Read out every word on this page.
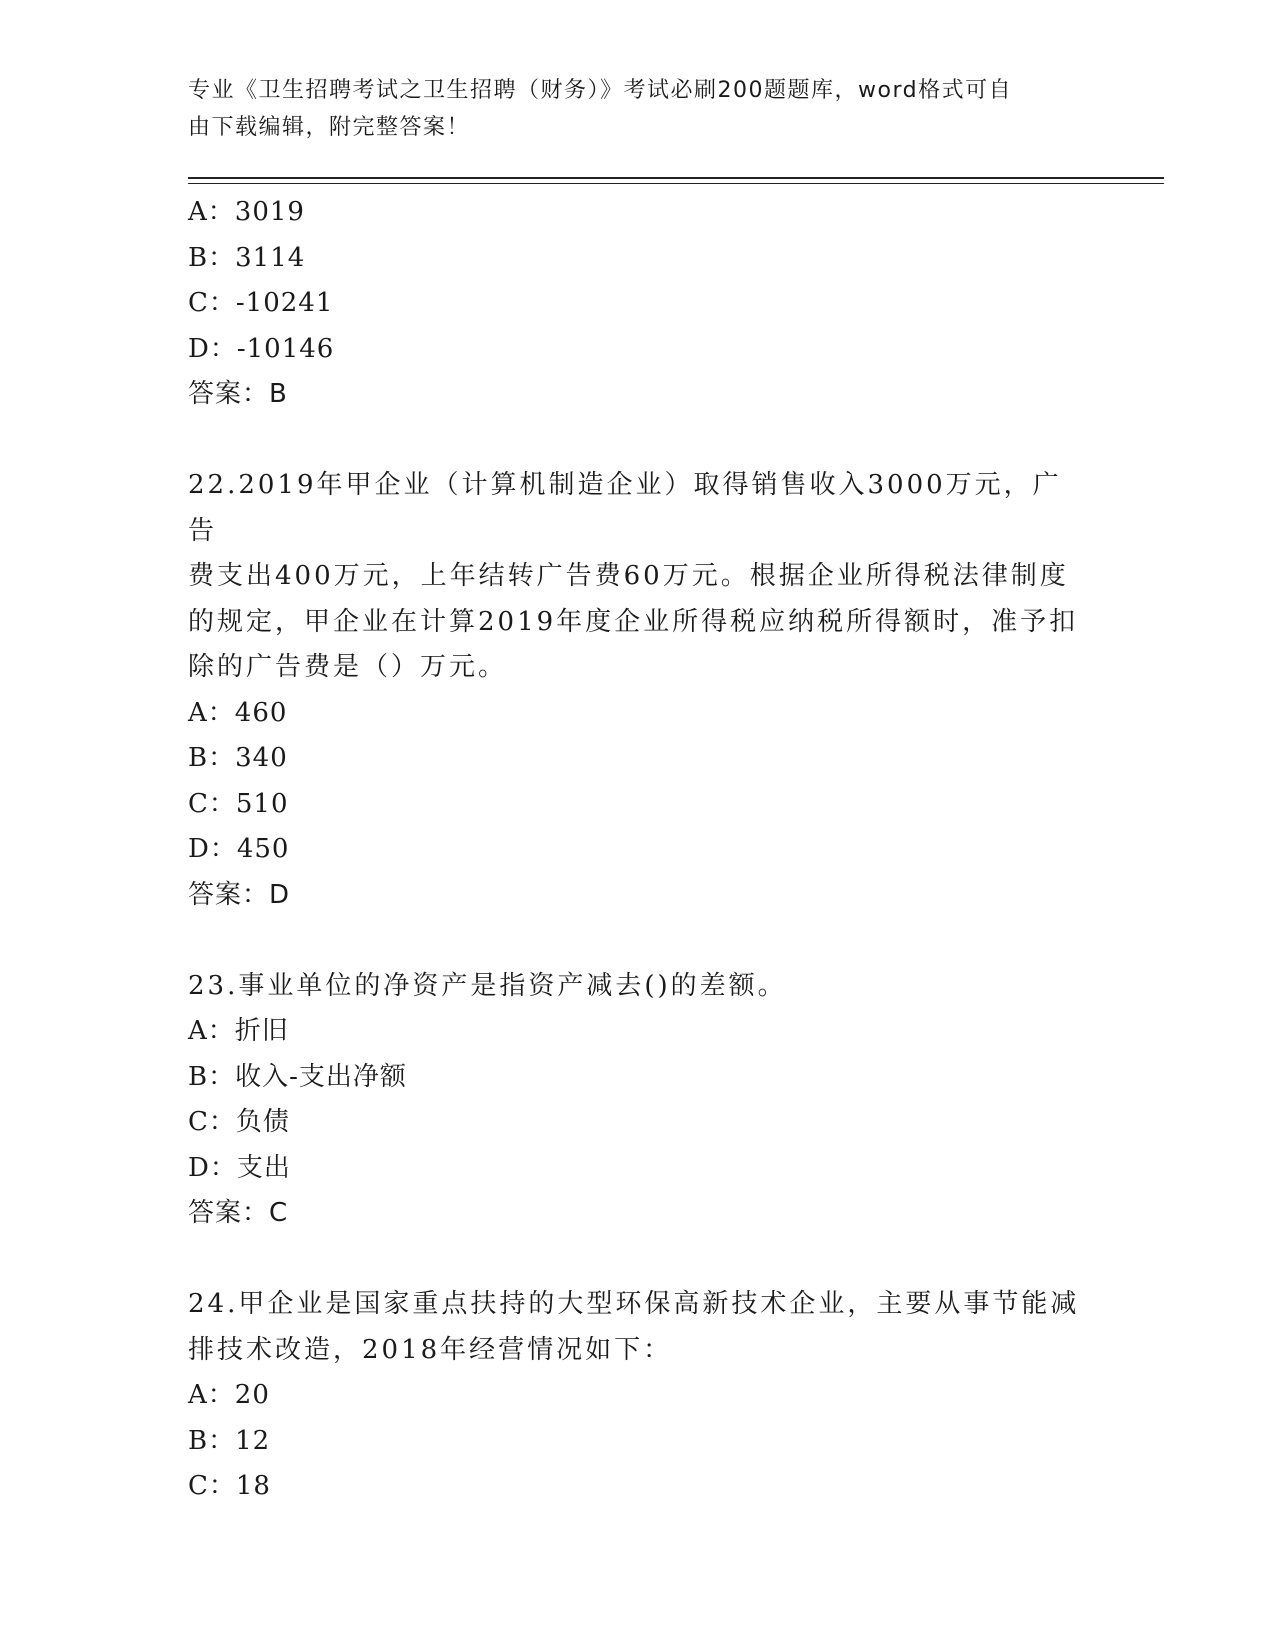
专业《卫生招聘考试之卫生招聘（财务）》考试必刷200题题库，word格式可自
由下载编辑，附完整答案！
A：3019
B：3114
C：-10241
D：-10146
答案：B
22.2019年甲企业（计算机制造企业）取得销售收入3000万元，广告
费支出400万元，上年结转广告费60万元。根据企业所得税法律制度
的规定，甲企业在计算2019年度企业所得税应纳税所得额时，准予扣
除的广告费是（）万元。
A：460
B：340
C：510
D：450
答案：D
23.事业单位的净资产是指资产减去()的差额。
A：折旧
B：收入-支出净额
C：负债
D：支出
答案：C
24.甲企业是国家重点扶持的大型环保高新技术企业，主要从事节能减
排技术改造，2018年经营情况如下：
A：20
B：12
C：18
